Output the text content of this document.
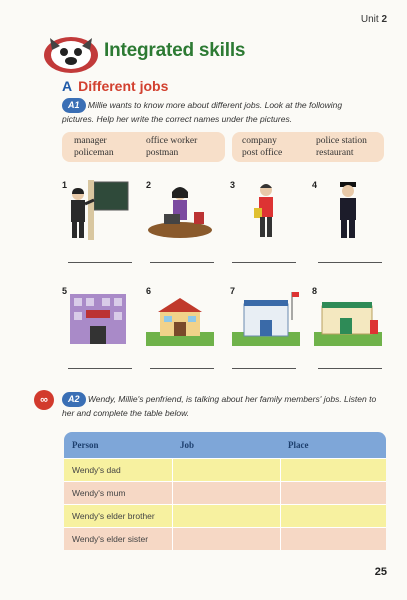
Unit 2
Integrated skills
A Different jobs
A1 Millie wants to know more about different jobs. Look at the following pictures. Help her write the correct names under the pictures.
manager	office worker
policeman	postman
company	police station
post office	restaurant
1	2	3	4
5	6	7	8
∞	A2 Wendy, Millie's penfriend, is talking about her family members' jobs. Listen to her and complete the table below.
Person	Job	Place
Wendy's dad		
Wendy's mum		
Wendy's elder brother		
Wendy's elder sister		
25
